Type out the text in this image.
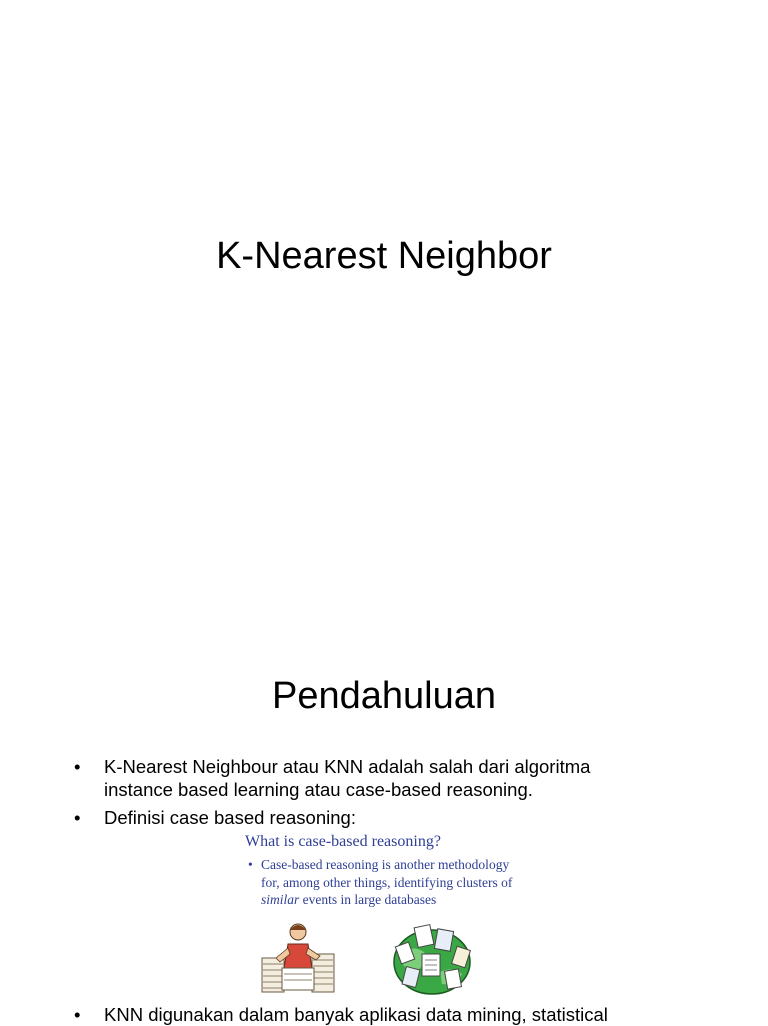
K-Nearest Neighbor
Pendahuluan
• K-Nearest Neighbour atau KNN adalah salah dari algoritma
instance based learning atau case-based reasoning.
• Definisi case based reasoning:
What is case-based reasoning?
• Case-based reasoning is another methodology
for, among other things, identifying clusters of
similar events in large databases
• KNN digunakan dalam banyak aplikasi data mining, statistical
